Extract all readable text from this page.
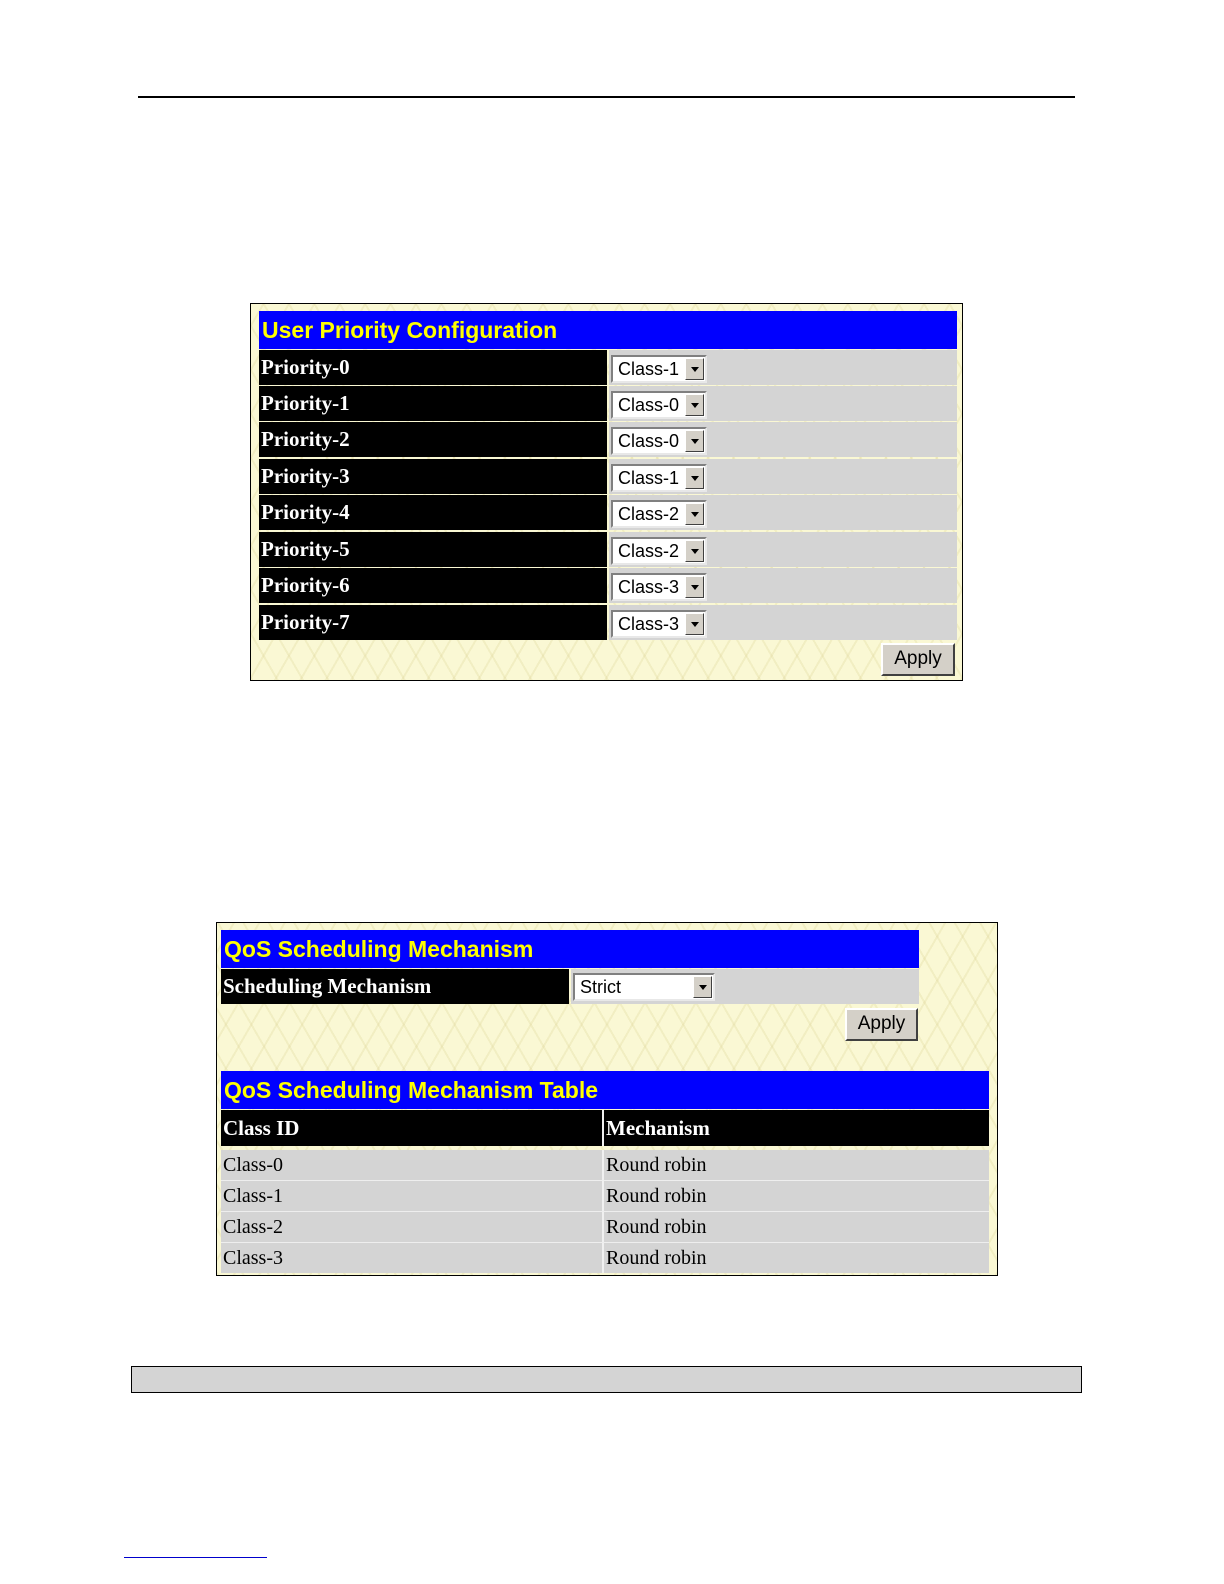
User Priority Configuration
Priority-0	Class-1
Priority-1	Class-0
Priority-2	Class-0
Priority-3	Class-1
Priority-4	Class-2
Priority-5	Class-2
Priority-6	Class-3
Priority-7	Class-3
Apply
QoS Scheduling Mechanism
Scheduling Mechanism	Strict
Apply
QoS Scheduling Mechanism Table
Class ID	Mechanism
Class-0	Round robin
Class-1	Round robin
Class-2	Round robin
Class-3	Round robin
